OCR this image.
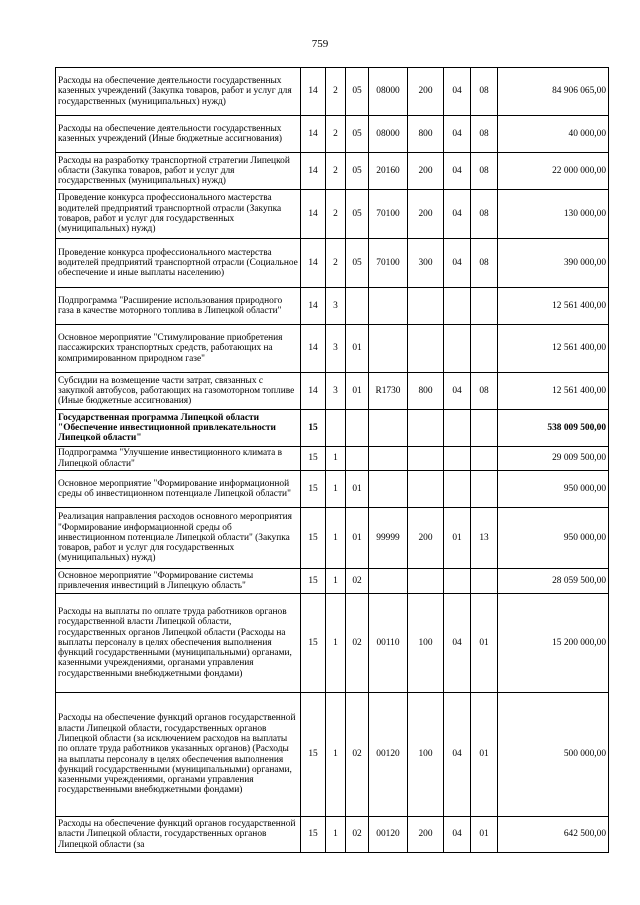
759
Расходы на обеспечение деятельности государственных казенных учреждений (Закупка товаров, работ и услуг для государственных (муниципальных) нужд)	14	2	05	08000	200	04	08	84 906 065,00
Расходы на обеспечение деятельности государственных казенных учреждений (Иные бюджетные ассигнования)	14	2	05	08000	800	04	08	40 000,00
Расходы на разработку транспортной стратегии Липецкой области (Закупка товаров, работ и услуг для государственных (муниципальных) нужд)	14	2	05	20160	200	04	08	22 000 000,00
Проведение конкурса профессионального мастерства водителей предприятий транспортной отрасли (Закупка товаров, работ и услуг для государственных (муниципальных) нужд)	14	2	05	70100	200	04	08	130 000,00
Проведение конкурса профессионального мастерства водителей предприятий транспортной отрасли (Социальное обеспечение и иные выплаты населению)	14	2	05	70100	300	04	08	390 000,00
Подпрограмма "Расширение использования природного газа в качестве моторного топлива в Липецкой области"	14	3						12 561 400,00
Основное мероприятие "Стимулирование приобретения пассажирских транспортных средств, работающих на компримированном природном газе"	14	3	01					12 561 400,00
Субсидии на возмещение части затрат, связанных с закупкой автобусов, работающих на газомоторном топливе (Иные бюджетные ассигнования)	14	3	01	R1730	800	04	08	12 561 400,00
Государственная программа Липецкой области "Обеспечение инвестиционной привлекательности Липецкой области"	15							538 009 500,00
Подпрограмма "Улучшение инвестиционного климата в Липецкой области"	15	1						29 009 500,00
Основное мероприятие "Формирование информационной среды об инвестиционном потенциале Липецкой области"	15	1	01					950 000,00
Реализация направления расходов основного мероприятия "Формирование информационной среды об инвестиционном потенциале Липецкой области" (Закупка товаров, работ и услуг для государственных (муниципальных) нужд)	15	1	01	99999	200	01	13	950 000,00
Основное мероприятие "Формирование системы привлечения инвестиций в Липецкую область"	15	1	02					28 059 500,00
Расходы на выплаты по оплате труда работников органов государственной власти Липецкой области, государственных органов Липецкой области (Расходы на выплаты персоналу в целях обеспечения выполнения функций государственными (муниципальными) органами, казенными учреждениями, органами управления государственными внебюджетными фондами)	15	1	02	00110	100	04	01	15 200 000,00
Расходы на обеспечение функций органов государственной власти Липецкой области, государственных органов Липецкой области (за исключением расходов на выплаты по оплате труда работников указанных органов) (Расходы на выплаты персоналу в целях обеспечения выполнения функций государственными (муниципальными) органами, казенными учреждениями, органами управления государственными внебюджетными фондами)	15	1	02	00120	100	04	01	500 000,00
Расходы на обеспечение функций органов государственной власти Липецкой области, государственных органов Липецкой области (за	15	1	02	00120	200	04	01	642 500,00
